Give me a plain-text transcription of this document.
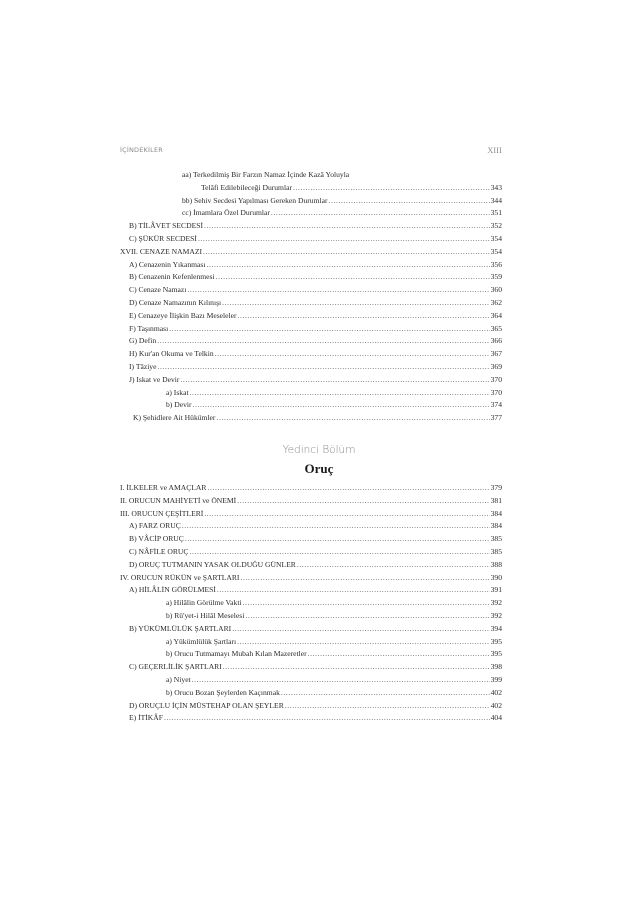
İÇİNDEKİLER	XIII
aa) Terkedilmiş Bir Farzın Namaz İçinde Kazâ Yoluyla
Telâfi Edilebileceği Durumlar .....	343
bb) Sehiv Secdesi Yapılması Gereken Durumlar .....	344
cc) İmamlara Özel Durumlar .....	351
B) TİLÂVET SECDESİ .....	352
C) ŞÜKÜR SECDESİ .....	354
XVII. CENAZE NAMAZI .....	354
A) Cenazenin Yıkanması .....	356
B) Cenazenin Kefenlenmesi .....	359
C) Cenaze Namazı .....	360
D) Cenaze Namazının Kılınışı .....	362
E) Cenazeye İlişkin Bazı Meseleler .....	364
F) Taşınması .....	365
G) Defin .....	366
H) Kur'an Okuma ve Telkin .....	367
I) Tâziye .....	369
J) Iskat ve Devir .....	370
a) Iskat .....	370
b) Devir .....	374
K) Şehidlere Ait Hükümler .....	377
Yedinci Bölüm
Oruç
I. İLKELER ve AMAÇLAR .....	379
II. ORUCUN MAHİYETİ ve ÖNEMİ .....	381
III. ORUCUN ÇEŞİTLERİ .....	384
A) FARZ ORUÇ .....	384
B) VÂCİP ORUÇ .....	385
C) NÂFİLE ORUÇ .....	385
D) ORUÇ TUTMANIN YASAK OLDUĞU GÜNLER .....	388
IV. ORUCUN RÜKÜN ve ŞARTLARI .....	390
A) HİLÂLİN GÖRÜLMESİ .....	391
a) Hilâlin Görülme Vakti .....	392
b) Rü'yet-i Hilâl Meselesi .....	392
B) YÜKÜMLÜLÜK ŞARTLARI .....	394
a) Yükümlülük Şartları .....	395
b) Orucu Tutmamayı Mubah Kılan Mazeretler .....	395
C) GEÇERLİLİK ŞARTLARI .....	398
a) Niyet .....	399
b) Orucu Bozan Şeylerden Kaçınmak .....	402
D) ORUÇLU İÇİN MÜSTEHAP OLAN ŞEYLER .....	402
E) İTİKÂF .....	404
